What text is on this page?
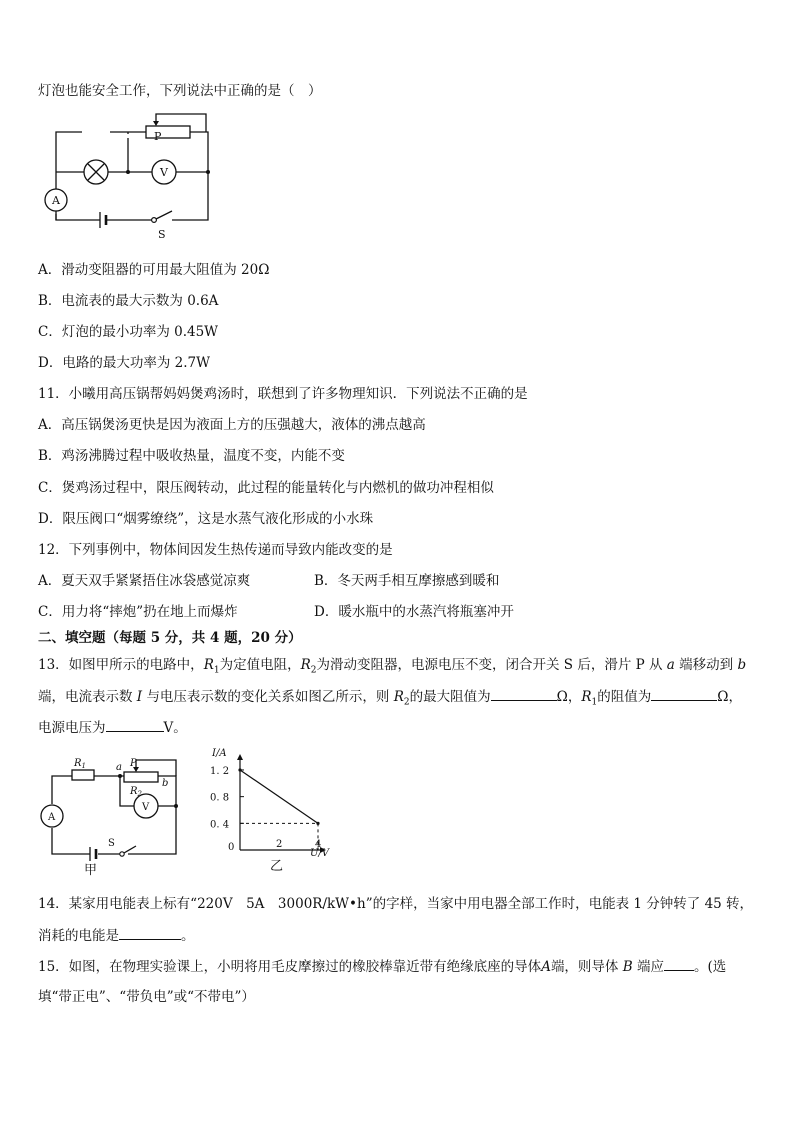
灯泡也能安全工作，下列说法中正确的是（　）
P
V
A
S
A．滑动变阻器的可用最大阻值为 20Ω
B．电流表的最大示数为 0.6A
C．灯泡的最小功率为 0.45W
D．电路的最大功率为 2.7W
11．小曦用高压锅帮妈妈煲鸡汤时，联想到了许多物理知识．下列说法不正确的是
A．高压锅煲汤更快是因为液面上方的压强越大，液体的沸点越高
B．鸡汤沸腾过程中吸收热量，温度不变，内能不变
C．煲鸡汤过程中，限压阀转动，此过程的能量转化与内燃机的做功冲程相似
D．限压阀口“烟雾缭绕”，这是水蒸气液化形成的小水珠
12．下列事例中，物体间因发生热传递而导致内能改变的是
A．夏天双手紧紧捂住冰袋感觉凉爽	B．冬天两手相互摩擦感到暖和
C．用力将“摔炮”扔在地上而爆炸	D．暖水瓶中的水蒸汽将瓶塞冲开
二、填空题（每题 5 分，共 4 题，20 分）
13．如图甲所示的电路中，$R_1$为定值电阻，$R_2$为滑动变阻器，电源电压不变，闭合开关 S 后，滑片 P 从 a 端移动到 b
端，电流表示数 I 与电压表示数的变化关系如图乙所示，则 $R_2$的最大阻值为	Ω，$R_1$的阻值为	Ω，
电源电压为	V。
$R_1$	a P
b
$R_2$
V
A
S
甲
0. 4
0. 8
1. 2
0	2	4
I/A
U/V
乙
14．某家用电能表上标有“220V　5A　3000R/kW•h”的字样，当家中用电器全部工作时，电能表 1 分钟转了 45 转，
消耗的电能是	。
15．如图，在物理实验课上，小明将用毛皮摩擦过的橡胶棒靠近带有绝缘底座的导体A端，则导体 B 端应 。(选
填“带正电”、“带负电”或“不带电”）
